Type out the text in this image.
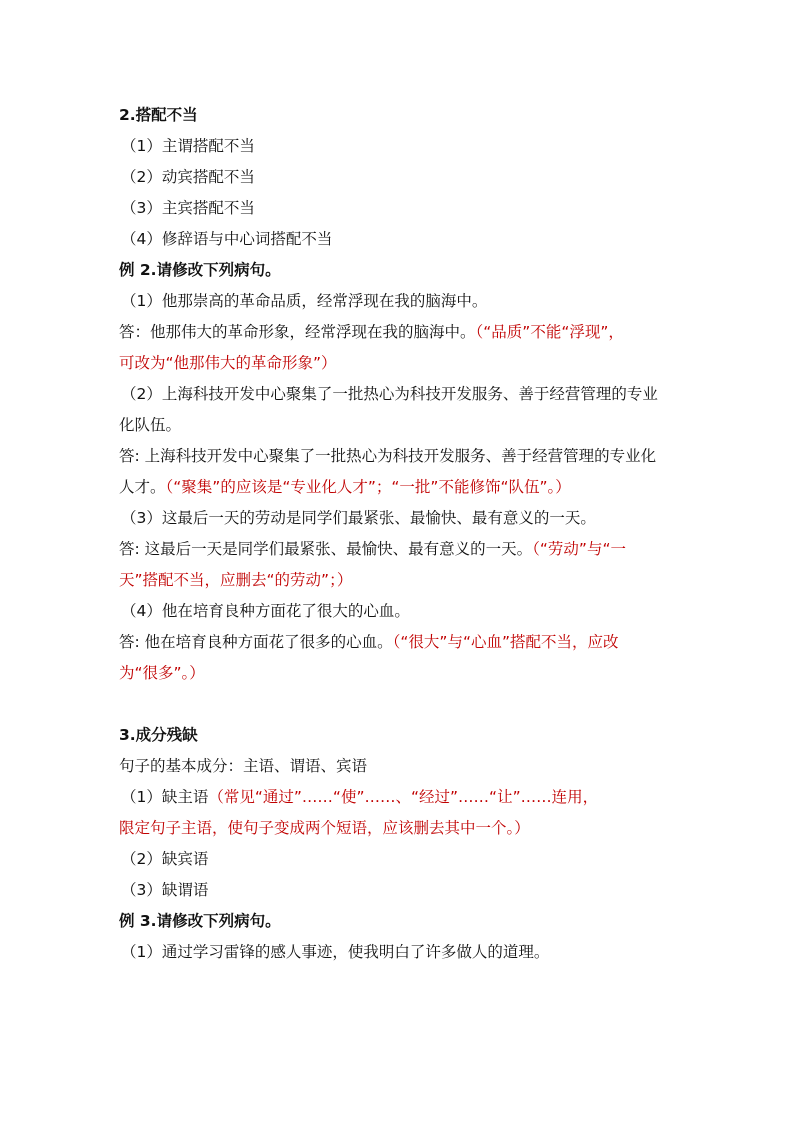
2.搭配不当
（1）主谓搭配不当
（2）动宾搭配不当
（3）主宾搭配不当
（4）修辞语与中心词搭配不当
例 2.请修改下列病句。
（1）他那崇高的革命品质，经常浮现在我的脑海中。
答：他那伟大的革命形象，经常浮现在我的脑海中。（“品质”不能“浮现”，
可改为“他那伟大的革命形象”）
（2）上海科技开发中心聚集了一批热心为科技开发服务、善于经营管理的专业
化队伍。
答: 上海科技开发中心聚集了一批热心为科技开发服务、善于经营管理的专业化
人才。（“聚集”的应该是“专业化人才”；“一批”不能修饰“队伍”。）
（3）这最后一天的劳动是同学们最紧张、最愉快、最有意义的一天。
答: 这最后一天是同学们最紧张、最愉快、最有意义的一天。（“劳动”与“一
天”搭配不当，应删去“的劳动”；）
（4）他在培育良种方面花了很大的心血。
答: 他在培育良种方面花了很多的心血。（“很大”与“心血”搭配不当，应改
为“很多”。）
3.成分残缺
句子的基本成分：主语、谓语、宾语
（1）缺主语（常见“通过”……“使”……、“经过”……“让”……连用，
限定句子主语，使句子变成两个短语，应该删去其中一个。）
（2）缺宾语
（3）缺谓语
例 3.请修改下列病句。
（1）通过学习雷锋的感人事迹，使我明白了许多做人的道理。
